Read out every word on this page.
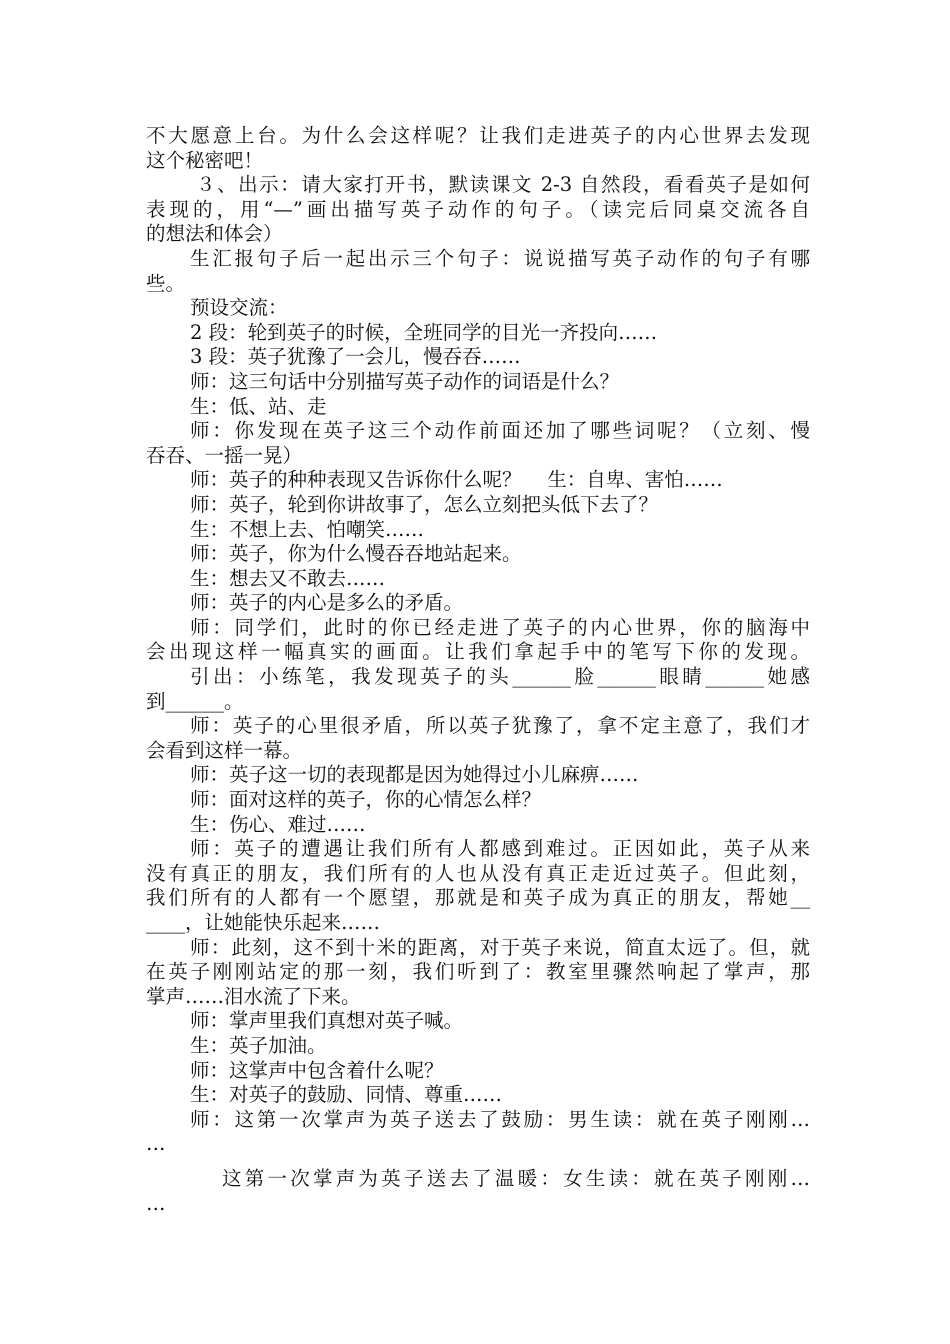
不大愿意上台。为什么会这样呢？让我们走进英子的内心世界去发现
这个秘密吧！
３、出示：请大家打开书，默读课文 2-3 自然段，看看英子是如何
表现的，用“—”画出描写英子动作的句子。（读完后同桌交流各自
的想法和体会）
生汇报句子后一起出示三个句子：说说描写英子动作的句子有哪
些。
预设交流：
2 段：轮到英子的时候，全班同学的目光一齐投向……
3 段：英子犹豫了一会儿，慢吞吞……
师：这三句话中分别描写英子动作的词语是什么？
生：低、站、走
师：你发现在英子这三个动作前面还加了哪些词呢？（立刻、慢
吞吞、一摇一晃）
师：英子的种种表现又告诉你什么呢？　 生：自卑、害怕……
师：英子，轮到你讲故事了，怎么立刻把头低下去了？
生：不想上去、怕嘲笑……
师：英子，你为什么慢吞吞地站起来。
生：想去又不敢去……
师：英子的内心是多么的矛盾。
师：同学们，此时的你已经走进了英子的内心世界，你的脑海中
会出现这样一幅真实的画面。让我们拿起手中的笔写下你的发现。
引出：小练笔，我发现英子的头______脸______眼睛______她感
到______。
师：英子的心里很矛盾，所以英子犹豫了，拿不定主意了，我们才
会看到这样一幕。
师：英子这一切的表现都是因为她得过小儿麻痹……
师：面对这样的英子，你的心情怎么样？
生：伤心、难过……
师：英子的遭遇让我们所有人都感到难过。正因如此，英子从来
没有真正的朋友，我们所有的人也从没有真正走近过英子。但此刻，
我们所有的人都有一个愿望，那就是和英子成为真正的朋友，帮她__
____，让她能快乐起来……
师：此刻，这不到十米的距离，对于英子来说，简直太远了。但，就
在英子刚刚站定的那一刻，我们听到了：教室里骤然响起了掌声，那
掌声……泪水流了下来。
师：掌声里我们真想对英子喊。
生：英子加油。
师：这掌声中包含着什么呢？
生：对英子的鼓励、同情、尊重……
师：这第一次掌声为英子送去了鼓励：男生读：就在英子刚刚…
…
这第一次掌声为英子送去了温暖：女生读：就在英子刚刚…
…
